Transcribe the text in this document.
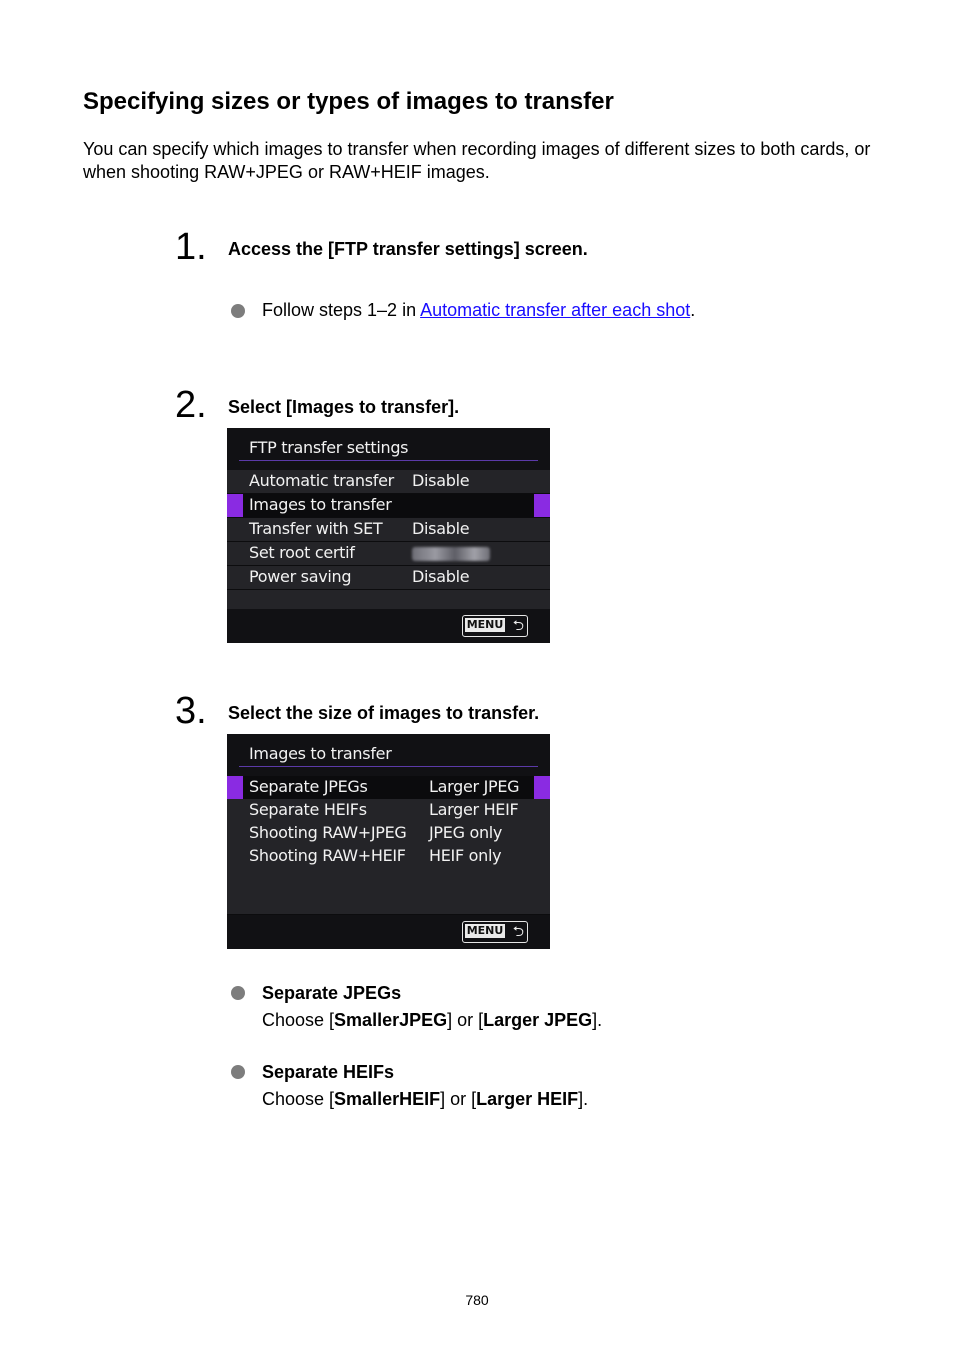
Specifying sizes or types of images to transfer

You can specify which images to transfer when recording images of different sizes to both cards, or when shooting RAW+JPEG or RAW+HEIF images.

1. Access the [FTP transfer settings] screen.
Follow steps 1–2 in Automatic transfer after each shot.
2. Select [Images to transfer].
FTP transfer settings
Automatic transfer Disable
Images to transfer
Transfer with SET Disable
Set root certif
Power saving	Disable
MENU ⮌
3. Select the size of images to transfer.
Images to transfer
Separate JPEGs	Larger JPEG
Separate HEIFs	Larger HEIF
Shooting RAW+JPEG JPEG only
Shooting RAW+HEIF HEIF only
MENU ⮌
Separate JPEGs
Choose [SmallerJPEG] or [Larger JPEG].
Separate HEIFs
Choose [SmallerHEIF] or [Larger HEIF].
780
